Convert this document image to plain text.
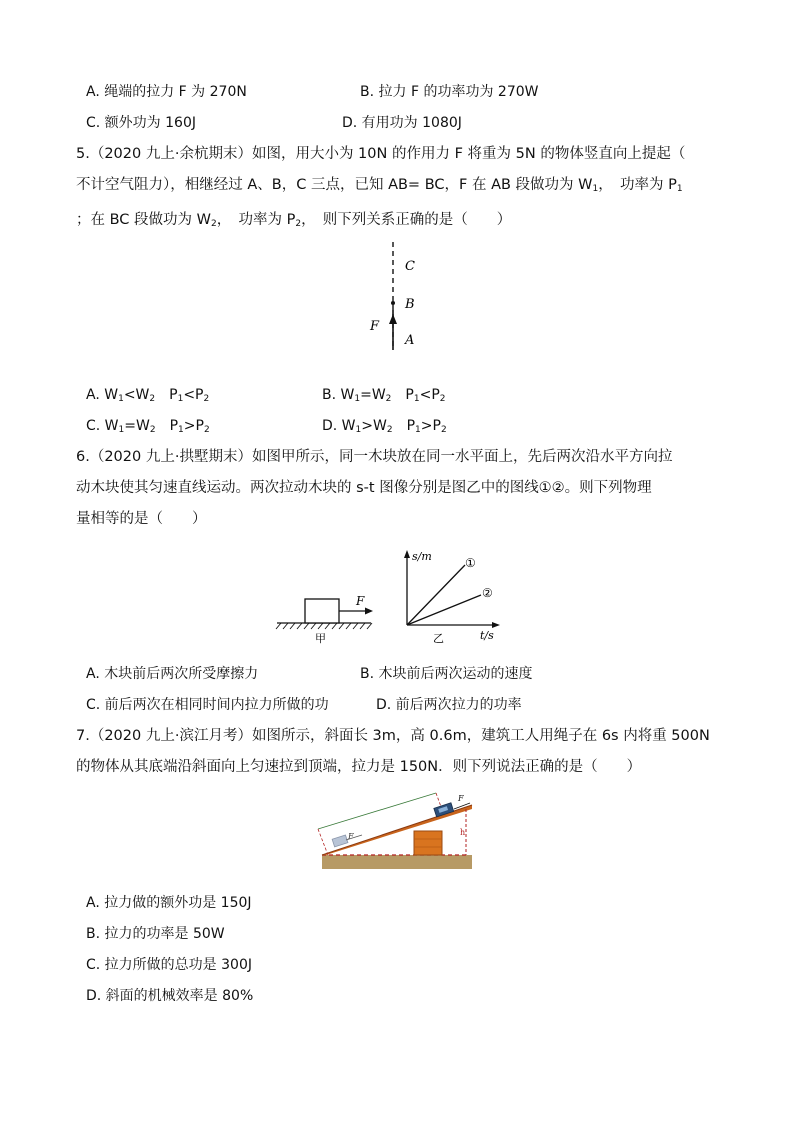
A. 绳端的拉力 F 为 270N	B. 拉力 F 的功率功为 270W
C. 额外功为 160J	D. 有用功为 1080J
5.（2020 九上·余杭期末）如图，用大小为 10N 的作用力 F 将重为 5N 的物体竖直向上提起（
不计空气阻力），相继经过 A、B，C 三点，已知 AB= BC，F 在 AB 段做功为 $W_1$，　功率为 $P_1$
；在 BC 段做功为 $W_2$，　功率为 $P_2$，　则下列关系正确的是（　　）
C
B
A
F
A. $W_1<W_2$　$P_1<P_2$	B. $W_1=W_2$　$P_1<P_2$
C. $W_1=W_2$　$P_1>P_2$	D. $W_1>W_2$　$P_1>P_2$
6.（2020 九上·拱墅期末）如图甲所示，同一木块放在同一水平面上，先后两次沿水平方向拉
动木块使其匀速直线运动。两次拉动木块的 s-t 图像分别是图乙中的图线①②。则下列物理
量相等的是（　　）
F
甲
s/m
t/s
①
②
乙
A. 木块前后两次所受摩擦力	B. 木块前后两次运动的速度
C. 前后两次在相同时间内拉力所做的功	D. 前后两次拉力的功率
7.（2020 九上·滨江月考）如图所示，斜面长 3m，高 0.6m，建筑工人用绳子在 6s 内将重 500N
的物体从其底端沿斜面向上匀速拉到顶端，拉力是 150N．则下列说法正确的是（　　）
h
F
F
A. 拉力做的额外功是 150J
B. 拉力的功率是 50W
C. 拉力所做的总功是 300J
D. 斜面的机械效率是 80%
